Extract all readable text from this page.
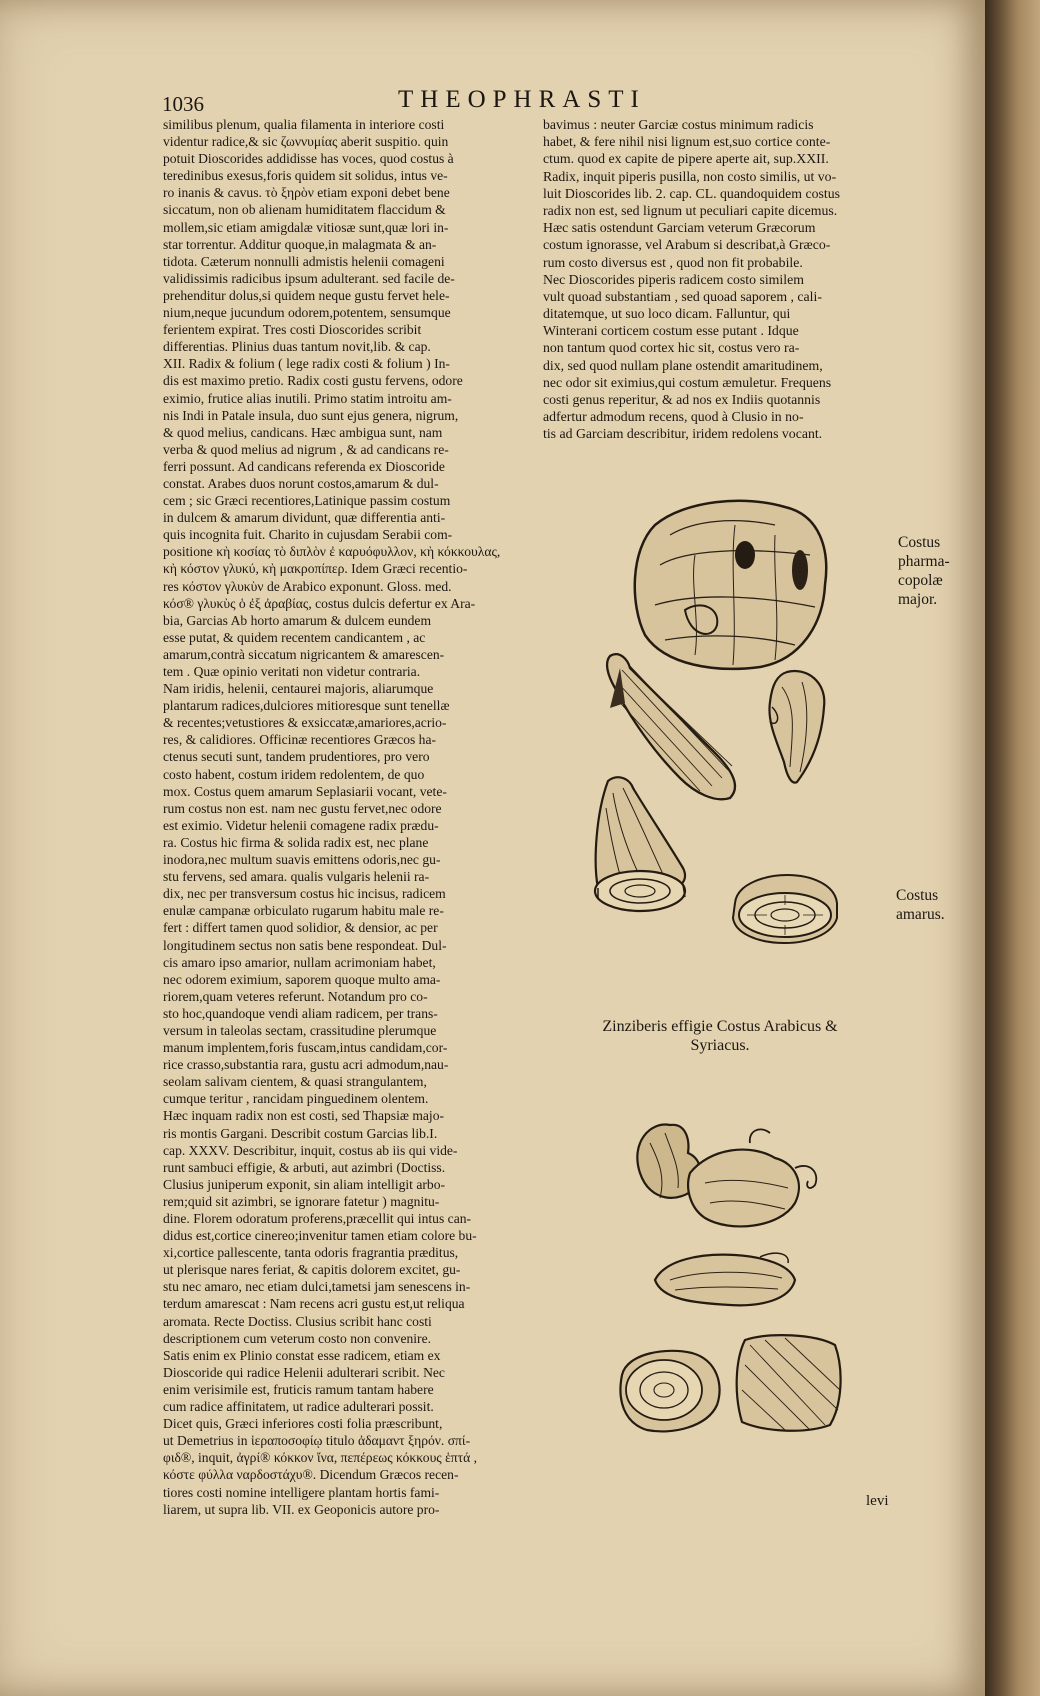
1036	THEOPHRASTI
similibus plenum, qualia filamenta in interiore costi
videntur radice,& sic ζωννυμίας aberit suspitio. quin
potuit Dioscorides addidisse has voces, quod costus à
teredinibus exesus,foris quidem sit solidus, intus ve-
ro inanis & cavus. τὸ ξηρὸν etiam exponi debet bene
siccatum, non ob alienam humiditatem flaccidum &
mollem,sic etiam amigdalæ vitiosæ sunt,quæ lori in-
star torrentur. Additur quoque,in malagmata & an-
tidota. Cæterum nonnulli admistis helenii comageni
validissimis radicibus ipsum adulterant. sed facile de-
prehenditur dolus,si quidem neque gustu fervet hele-
nium,neque jucundum odorem,potentem, sensumque
ferientem expirat. Tres costi Dioscorides scribit
differentias. Plinius duas tantum novit,lib. & cap.
XII. Radix & folium ( lege radix costi & folium ) In-
dis est maximo pretio. Radix costi gustu fervens, odore
eximio, frutice alias inutili. Primo statim introitu am-
nis Indi in Patale insula, duo sunt ejus genera, nigrum,
& quod melius, candicans. Hæc ambigua sunt, nam
verba & quod melius ad nigrum , & ad candicans re-
ferri possunt. Ad candicans referenda ex Dioscoride
constat. Arabes duos norunt costos,amarum & dul-
cem ; sic Græci recentiores,Latinique passim costum
in dulcem & amarum dividunt, quæ differentia anti-
quis incognita fuit. Charito in cujusdam Serabii com-
positione κὴ κοσίας τὸ διπλὸν ἐ καρυόφυλλον, κὴ κόκκουλας,
κὴ κόστον γλυκύ, κὴ μακροπίπερ. Idem Græci recentio-
res κόστον γλυκὺν de Arabico exponunt. Gloss. med.
κόσ® γλυκὺς ὁ ἐξ ἀραβίας, costus dulcis defertur ex Ara-
bia, Garcias Ab horto amarum & dulcem eundem
esse putat, & quidem recentem candicantem , ac
amarum,contrà siccatum nigricantem & amarescen-
tem . Quæ opinio veritati non videtur contraria.
Nam iridis, helenii, centaurei majoris, aliarumque
plantarum radices,dulciores mitioresque sunt tenellæ
& recentes;vetustiores & exsiccatæ,amariores,acrio-
res, & calidiores. Officinæ recentiores Græcos ha-
ctenus secuti sunt, tandem prudentiores, pro vero
costo habent, costum iridem redolentem, de quo
mox. Costus quem amarum Seplasiarii vocant, vete-
rum costus non est. nam nec gustu fervet,nec odore
est eximio. Videtur helenii comagene radix prædu-
ra. Costus hic firma & solida radix est, nec plane
inodora,nec multum suavis emittens odoris,nec gu-
stu fervens, sed amara. qualis vulgaris helenii ra-
dix, nec per transversum costus hic incisus, radicem
enulæ campanæ orbiculato rugarum habitu male re-
fert : differt tamen quod solidior, & densior, ac per
longitudinem sectus non satis bene respondeat. Dul-
cis amaro ipso amarior, nullam acrimoniam habet,
nec odorem eximium, saporem quoque multo ama-
riorem,quam veteres referunt. Notandum pro co-
sto hoc,quandoque vendi aliam radicem, per trans-
versum in taleolas sectam, crassitudine plerumque
manum implentem,foris fuscam,intus candidam,cor-
rice crasso,substantia rara, gustu acri admodum,nau-
seolam salivam cientem, & quasi strangulantem,
cumque teritur , rancidam pinguedinem olentem.
Hæc inquam radix non est costi, sed Thapsiæ majo-
ris montis Gargani. Describit costum Garcias lib.I.
cap. XXXV. Describitur, inquit, costus ab iis qui vide-
runt sambuci effigie, & arbuti, aut azimbri (Doctiss.
Clusius juniperum exponit, sin aliam intelligit arbo-
rem;quid sit azimbri, se ignorare fatetur ) magnitu-
dine. Florem odoratum proferens,præcellit qui intus can-
didus est,cortice cinereo;invenitur tamen etiam colore bu-
xi,cortice pallescente, tanta odoris fragrantia præditus,
ut plerisque nares feriat, & capitis dolorem excitet, gu-
stu nec amaro, nec etiam dulci,tametsi jam senescens in-
terdum amarescat : Nam recens acri gustu est,ut reliqua
aromata. Recte Doctiss. Clusius scribit hanc costi
descriptionem cum veterum costo non convenire.
Satis enim ex Plinio constat esse radicem, etiam ex
Dioscoride qui radice Helenii adulterari scribit. Nec
enim verisimile est, fruticis ramum tantam habere
cum radice affinitatem, ut radice adulterari possit.
Dicet quis, Græci inferiores costi folia præscribunt,
ut Demetrius in ἱεραποσοφίῳ titulo ἀδαμαντ ξηρόν. σπί-
φιδ®, inquit, ἀγρί® κόκκον ἴνα, πεπέρεως κόκκους ἑπτά ,
κόστε φύλλα ναρδοστάχυ®. Dicendum Græcos recen-
tiores costi nomine intelligere plantam hortis fami-
liarem, ut supra lib. VII. ex Geoponicis autore pro-
bavimus : neuter Garciæ costus minimum radicis
habet, & fere nihil nisi lignum est,suo cortice conte-
ctum. quod ex capite de pipere aperte ait, sup.XXII.
Radix, inquit piperis pusilla, non costo similis, ut vo-
luit Dioscorides lib. 2. cap. CL. quandoquidem costus
radix non est, sed lignum ut peculiari capite dicemus.
Hæc satis ostendunt Garciam veterum Græcorum
costum ignorasse, vel Arabum si describat,à Græco-
rum costo diversus est , quod non fit probabile.
Nec Dioscorides piperis radicem costo similem
vult quoad substantiam , sed quoad saporem , cali-
ditatemque, ut suo loco dicam. Falluntur, qui
Winterani corticem costum esse putant . Idque
non tantum quod cortex hic sit, costus vero ra-
dix, sed quod nullam plane ostendit amaritudinem,
nec odor sit eximius,qui costum æmuletur. Frequens
costi genus reperitur, & ad nos ex Indiis quotannis
adfertur admodum recens, quod à Clusio in no-
tis ad Garciam describitur, iridem redolens vocant.
Costus
pharma-
copolæ
major.
Costus
amarus.
Zinziberis effigie Costus Arabicus &
Syriacus.
levi
